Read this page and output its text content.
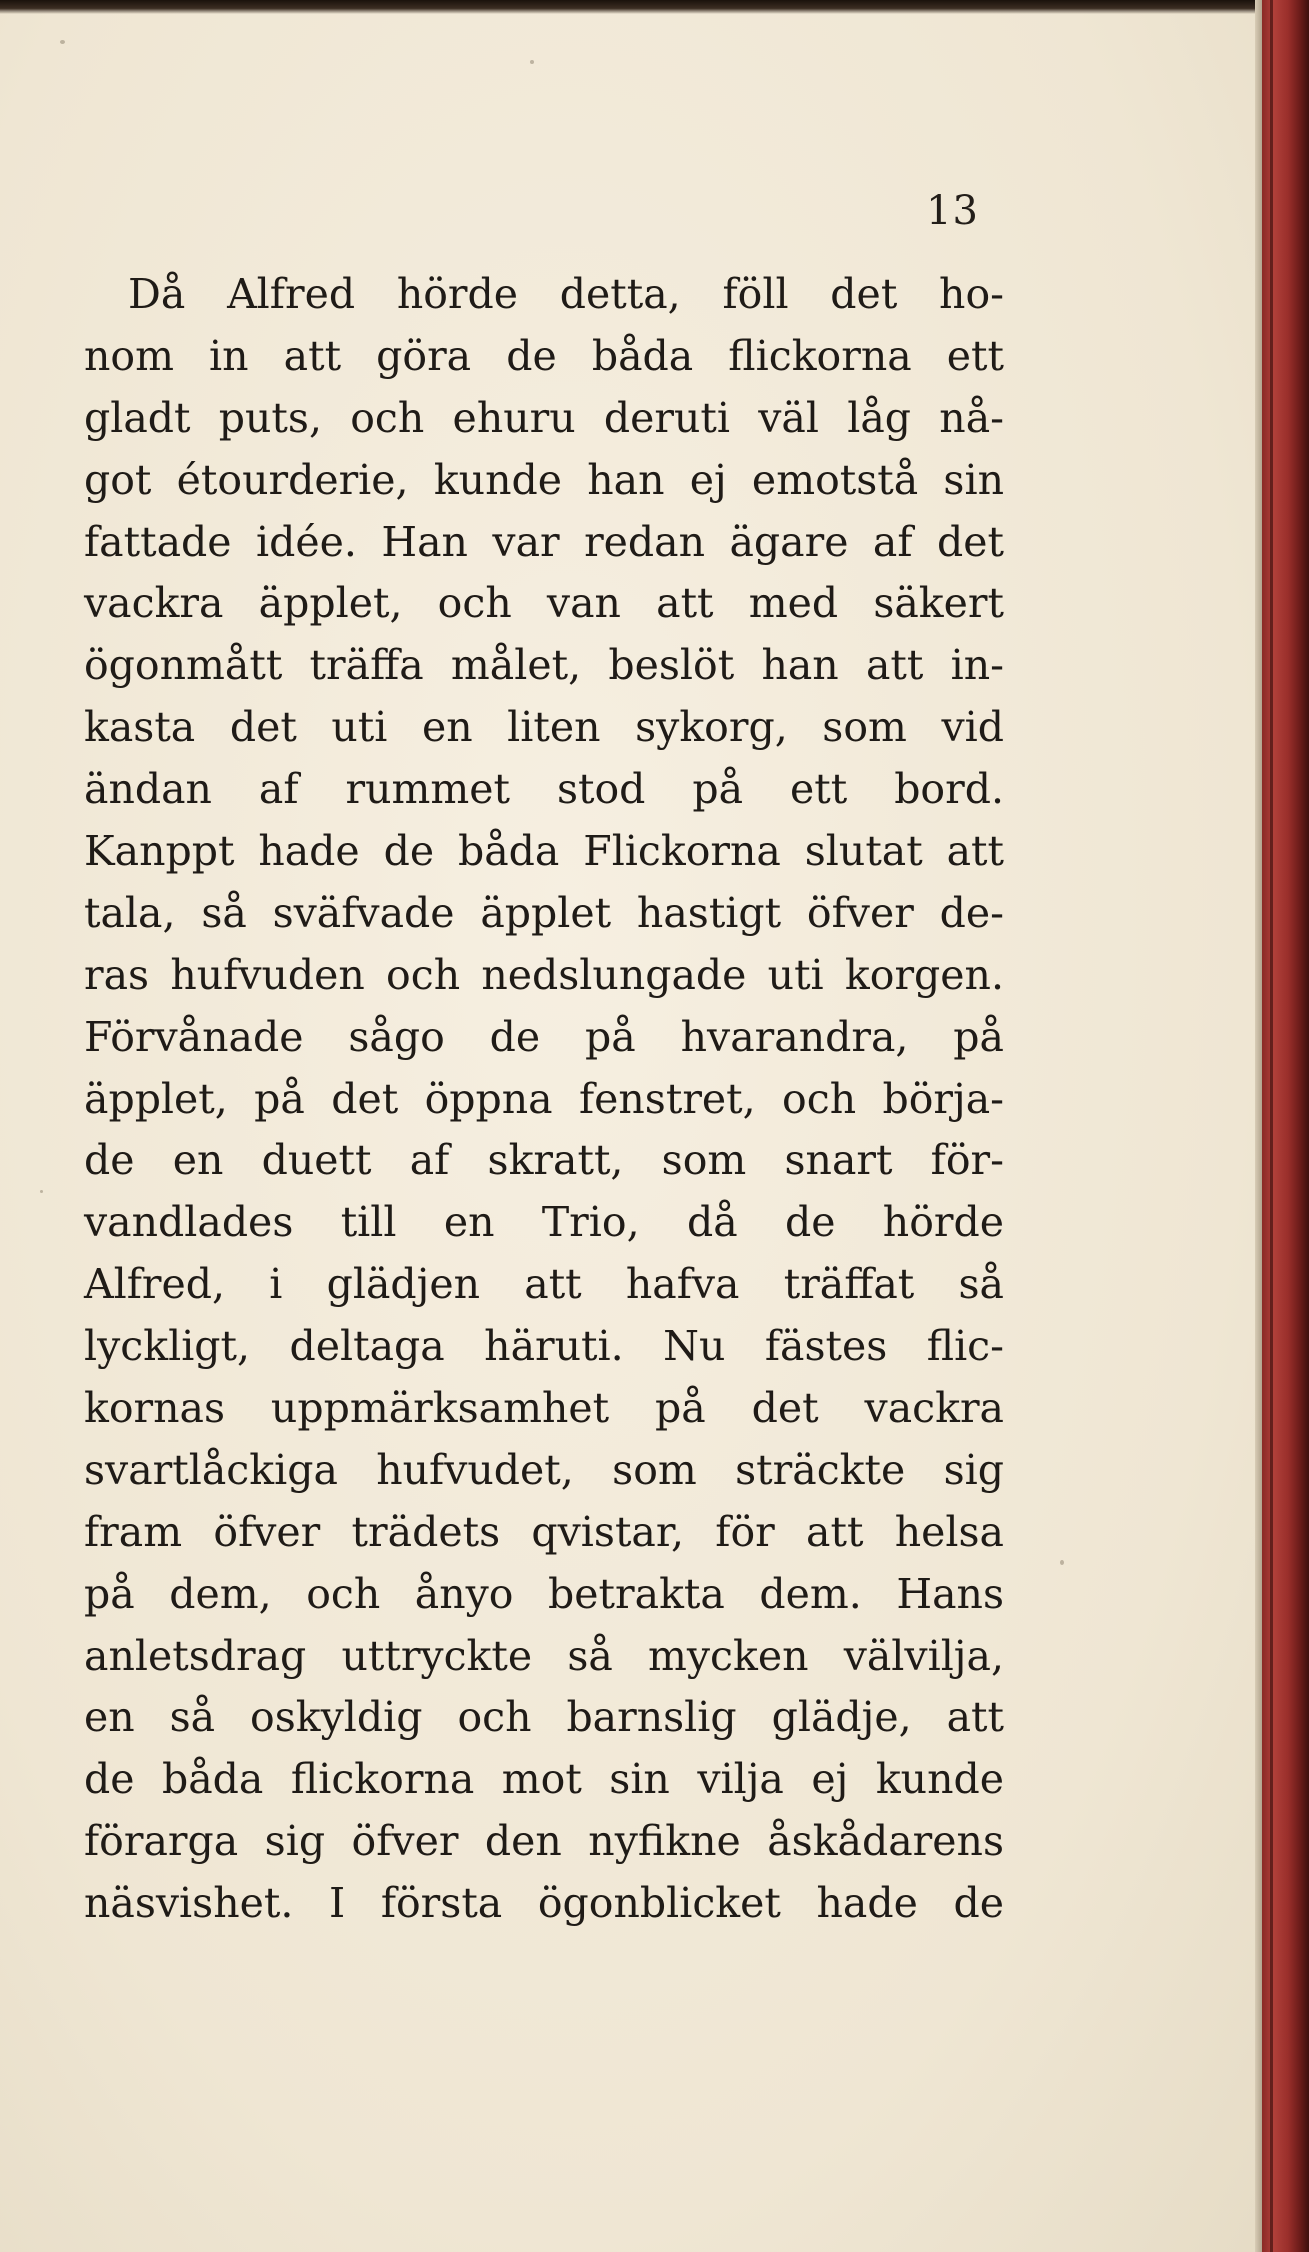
13
Då Alfred hörde detta, föll det ho-
nom in att göra de båda flickorna ett
gladt puts, och ehuru deruti väl låg nå-
got étourderie, kunde han ej emotstå sin
fattade idée. Han var redan ägare af det
vackra äpplet, och van att med säkert
ögonmått träffa målet, beslöt han att in-
kasta det uti en liten sykorg, som vid
ändan af rummet stod på ett bord.
Kanppt hade de båda Flickorna slutat att
tala, så sväfvade äpplet hastigt öfver de-
ras hufvuden och nedslungade uti korgen.
Förvånade sågo de på hvarandra, på
äpplet, på det öppna fenstret, och börja-
de en duett af skratt, som snart för-
vandlades till en Trio, då de hörde
Alfred, i glädjen att hafva träffat så
lyckligt, deltaga häruti. Nu fästes flic-
kornas uppmärksamhet på det vackra
svartlåckiga hufvudet, som sträckte sig
fram öfver trädets qvistar, för att helsa
på dem, och ånyo betrakta dem. Hans
anletsdrag uttryckte så mycken välvilja,
en så oskyldig och barnslig glädje, att
de båda flickorna mot sin vilja ej kunde
förarga sig öfver den nyfikne åskådarens
näsvishet. I första ögonblicket hade de
